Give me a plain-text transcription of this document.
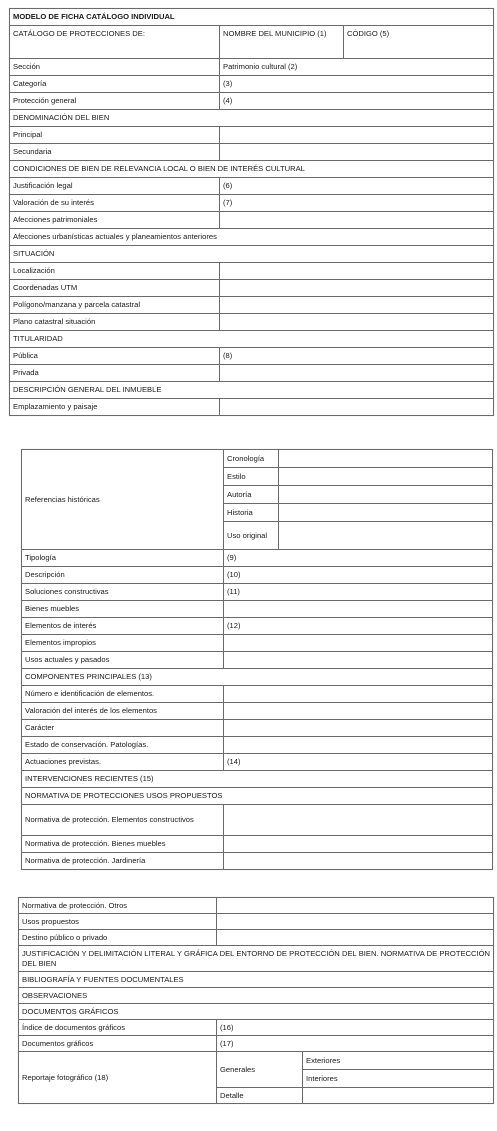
MODELO DE FICHA CATÁLOGO INDIVIDUAL		
CATÁLOGO DE PROTECCIONES DE:	NOMBRE DEL MUNICIPIO (1)	CÓDIGO (5)
Sección	Patrimonio cultural (2)	
Categoría	(3)	
Protección general	(4)	
DENOMINACIÓN DEL BIEN		
Principal		
Secundaria		
CONDICIONES DE BIEN DE RELEVANCIA LOCAL O BIEN DE INTERÉS CULTURAL		
Justificación legal	(6)	
Valoración de su interés	(7)	
Afecciones patrimoniales		
Afecciones urbanísticas actuales y planeamientos anteriores		
SITUACIÓN		
Localización		
Coordenadas UTM		
Polígono/manzana y parcela catastral		
Plano catastral situación		
TITULARIDAD		
Pública	(8)	
Privada		
DESCRIPCIÓN GENERAL DEL INMUEBLE		
Emplazamiento y paisaje		
Referencias históricas	Cronología	
	Estilo	
	Autoría	
	Historia	
	Uso original	
Tipología	(9)	
Descripción	(10)	
Soluciones constructivas	(11)	
Bienes muebles		
Elementos de interés	(12)	
Elementos impropios		
Usos actuales y pasados		
COMPONENTES PRINCIPALES (13)		
Número e identificación de elementos.		
Valoración del interés de los elementos		
Carácter		
Estado de conservación. Patologías.		
Actuaciones previstas.	(14)	
INTERVENCIONES RECIENTES (15)		
NORMATIVA DE PROTECCIONES USOS PROPUESTOS		
Normativa de protección. Elementos constructivos		
Normativa de protección. Bienes muebles		
Normativa de protección. Jardinería		
Normativa de protección. Otros		
Usos propuestos		
Destino público o privado		
JUSTIFICACIÓN Y DELIMITACIÓN LITERAL Y GRÁFICA DEL ENTORNO DE PROTECCIÓN DEL BIEN. NORMATIVA DE PROTECCIÓN DEL BIEN		
BIBLIOGRAFÍA Y FUENTES DOCUMENTALES		
OBSERVACIONES		
DOCUMENTOS GRÁFICOS		
Índice de documentos gráficos	(16)	
Documentos gráficos	(17)	
Reportaje fotográfico (18)	Generales	Exteriores
		Interiores
	Detalle	
